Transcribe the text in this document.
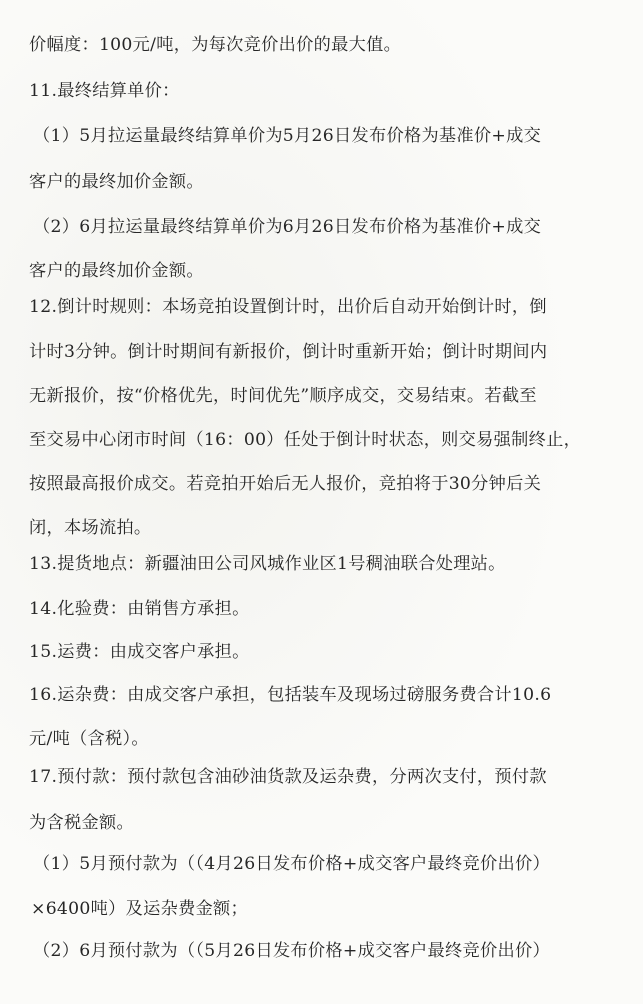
价幅度：100元/吨，为每次竞价出价的最大值。
11.最终结算单价：
（1）5月拉运量最终结算单价为5月26日发布价格为基准价+成交
客户的最终加价金额。
（2）6月拉运量最终结算单价为6月26日发布价格为基准价+成交
客户的最终加价金额。
12.倒计时规则：本场竞拍设置倒计时，出价后自动开始倒计时，倒
计时3分钟。倒计时期间有新报价，倒计时重新开始；倒计时期间内
无新报价，按“价格优先，时间优先”顺序成交，交易结束。若截至
至交易中心闭市时间（16：00）任处于倒计时状态，则交易强制终止，
按照最高报价成交。若竞拍开始后无人报价，竞拍将于30分钟后关
闭，本场流拍。
13.提货地点：新疆油田公司风城作业区1号稠油联合处理站。
14.化验费：由销售方承担。
15.运费：由成交客户承担。
16.运杂费：由成交客户承担，包括装车及现场过磅服务费合计10.6
元/吨（含税）。
17.预付款：预付款包含油砂油货款及运杂费，分两次支付，预付款
为含税金额。
（1）5月预付款为（（4月26日发布价格+成交客户最终竞价出价）
×6400吨）及运杂费金额；
（2）6月预付款为（（5月26日发布价格+成交客户最终竞价出价）
